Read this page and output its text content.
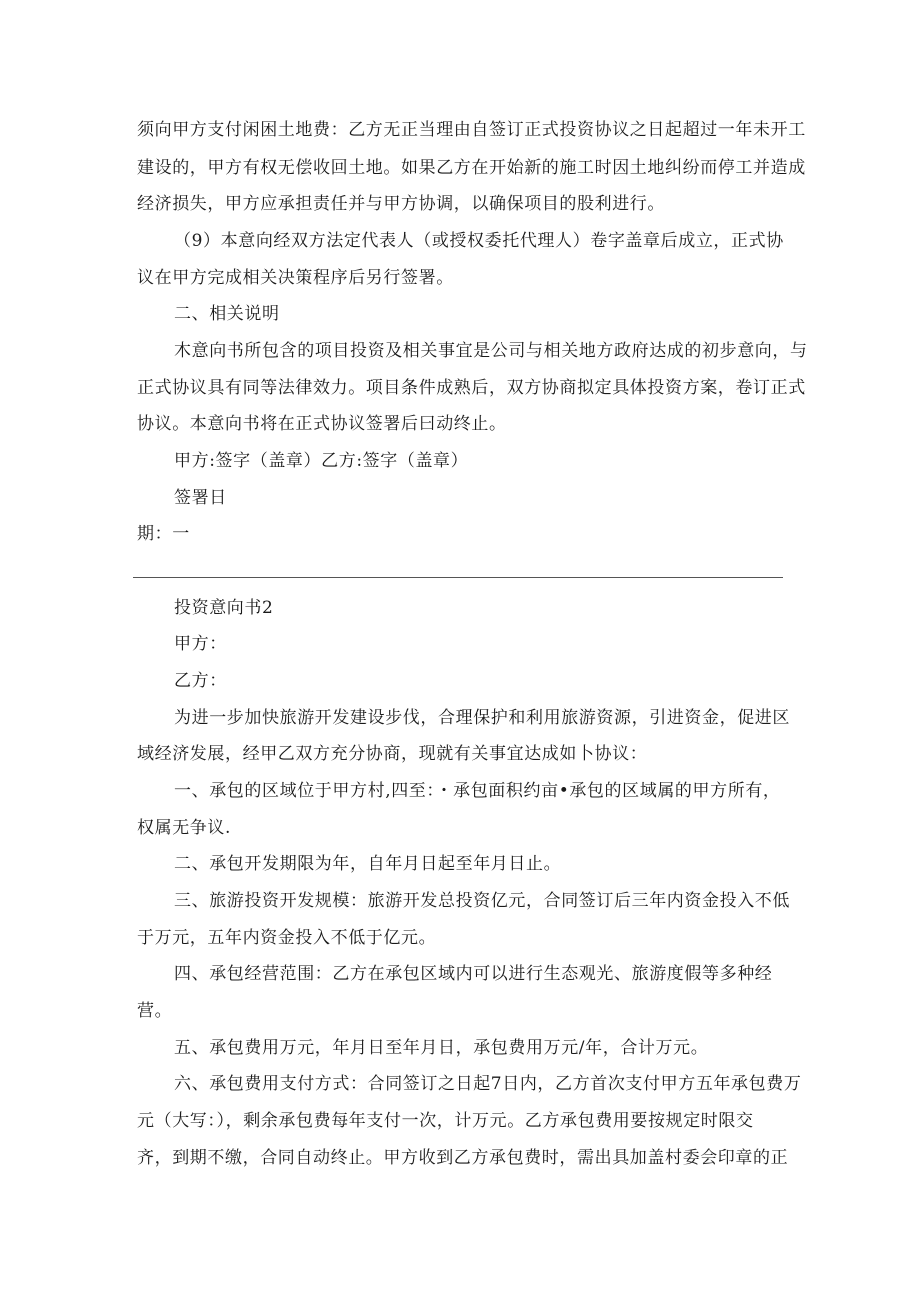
须向甲方支付闲困土地费：乙方无正当理由自签订正式投资协议之日起超过一年未开工
建设的，甲方有权无偿收回土地。如果乙方在开始新的施工时因土地纠纷而停工并造成
经济损失，甲方应承担责任并与甲方协调，以确保项目的股利进行。
（9）本意向经双方法定代表人（或授权委托代理人）卷字盖章后成立，正式协
议在甲方完成相关决策程序后另行签署。
二、相关说明
木意向书所包含的项目投资及相关事宜是公司与相关地方政府达成的初步意向，与
正式协议具有同等法律效力。项目条件成熟后，双方协商拟定具体投资方案，卷订正式
协议。本意向书将在正式协议签署后曰动终止。
甲方:签字（盖章）乙方:签字（盖章）
签署日
期：一
投资意向书2
甲方：
乙方：
为进一步加快旅游开发建设步伐，合理保护和利用旅游资源，引进资金，促进区
域经济发展，经甲乙双方充分协商，现就有关事宜达成如卜协议：
一、承包的区域位于甲方村,四至：・承包面积约亩•承包的区域属的甲方所有，
权属无争议.
二、承包开发期限为年，自年月日起至年月日止。
三、旅游投资开发规模：旅游开发总投资亿元，合同签订后三年内资金投入不低
于万元，五年内资金投入不低于亿元。
四、承包经营范围：乙方在承包区域内可以进行生态观光、旅游度假等多种经
营。
五、承包费用万元，年月日至年月日，承包费用万元/年，合计万元。
六、承包费用支付方式：合同签订之日起7日内，乙方首次支付甲方五年承包费万
元（大写：），剩余承包费每年支付一次，计万元。乙方承包费用要按规定时限交
齐，到期不缴，合同自动终止。甲方收到乙方承包费时，需出具加盖村委会印章的正
